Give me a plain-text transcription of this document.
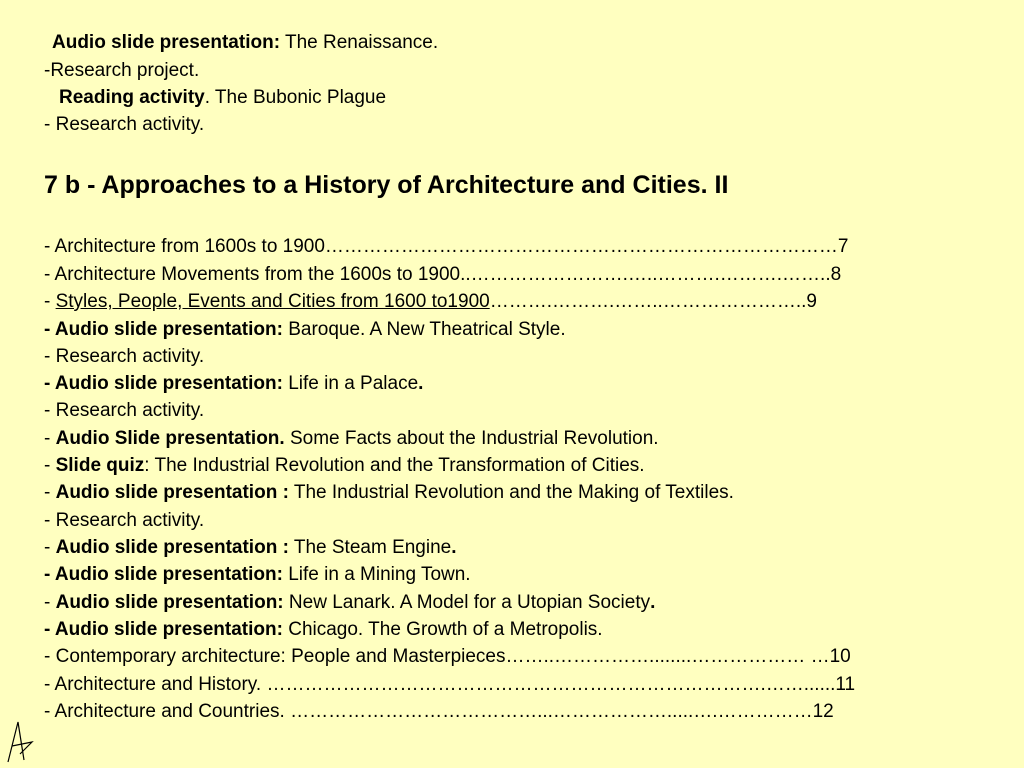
Audio slide presentation: The Renaissance.
-Research project.
Reading activity. The Bubonic Plague
- Research activity.
7 b - Approaches to a History of Architecture and Cities. II
- Architecture from 1600s to 1900………………………………………………………………………7
- Architecture Movements from the 1600s to 1900..…………………….…..……….……….……..8
- Styles, People, Events and Cities from 1600 to1900……….……….……..…………………..9
- Audio slide presentation: Baroque. A New Theatrical Style.
- Research activity.
- Audio slide presentation: Life in a Palace.
- Research activity.
- Audio Slide presentation. Some Facts about the Industrial Revolution.
- Slide quiz: The Industrial Revolution and the Transformation of Cities.
- Audio slide presentation : The Industrial Revolution and the Making of Textiles.
- Research activity.
- Audio slide presentation : The Steam Engine.
- Audio slide presentation: Life in a Mining Town.
- Audio slide presentation: New Lanark. A Model for a Utopian Society.
- Audio slide presentation: Chicago. The Growth of a Metropolis.
- Contemporary architecture: People and Masterpieces……..……………........……………… …10
- Architecture and History. …………………………………………………………………….……......11
- Architecture and Countries. …………………………………...……………….....….……………12
